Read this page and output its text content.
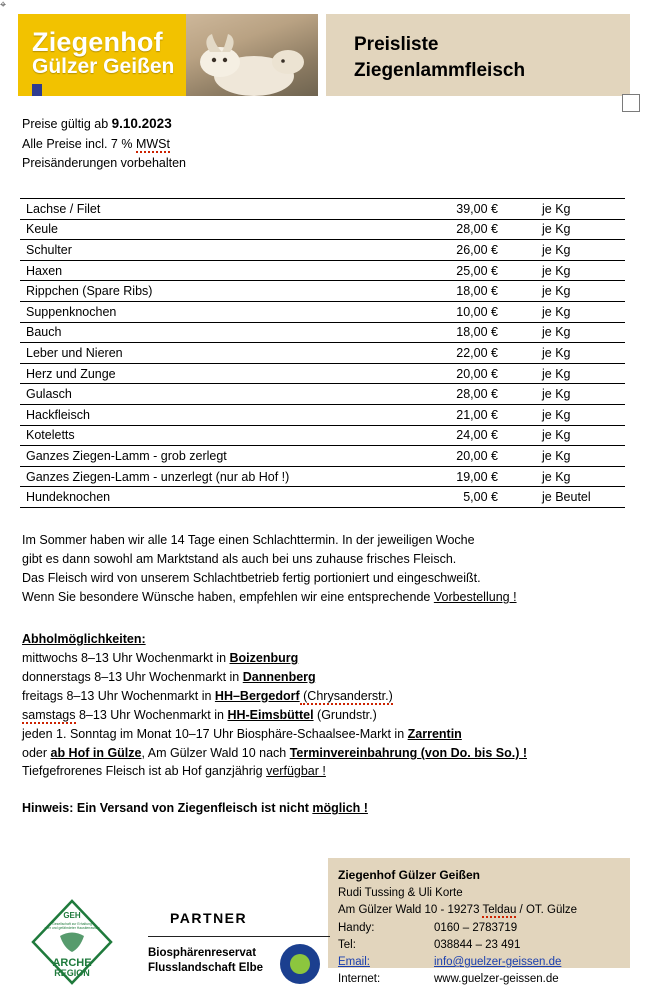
⌖
Ziegenhof
Gülzer Geißen
Preisliste
Ziegenlammfleisch
Preise gültig ab 9.10.2023
Alle Preise incl. 7 % MWSt
Preisänderungen vorbehalten
Lachse / Filet	39,00 €	je Kg
Keule	28,00 €	je Kg
Schulter	26,00 €	je Kg
Haxen	25,00 €	je Kg
Rippchen (Spare Ribs)	18,00 €	je Kg
Suppenknochen	10,00 €	je Kg
Bauch	18,00 €	je Kg
Leber und Nieren	22,00 €	je Kg
Herz und Zunge	20,00 €	je Kg
Gulasch	28,00 €	je Kg
Hackfleisch	21,00 €	je Kg
Koteletts	24,00 €	je Kg
Ganzes Ziegen-Lamm - grob zerlegt	20,00 €	je Kg
Ganzes Ziegen-Lamm - unzerlegt (nur ab Hof !)	19,00 €	je Kg
Hundeknochen	5,00 €	je Beutel
Im Sommer haben wir alle 14 Tage einen Schlachttermin. In der jeweiligen Woche
gibt es dann sowohl am Marktstand als auch bei uns zuhause frisches Fleisch.
Das Fleisch wird von unserem Schlachtbetrieb fertig portioniert und eingeschweißt.
Wenn Sie besondere Wünsche haben, empfehlen wir eine entsprechende Vorbestellung !
Abholmöglichkeiten:
mittwochs 8–13 Uhr Wochenmarkt in Boizenburg
donnerstags 8–13 Uhr Wochenmarkt in Dannenberg
freitags 8–13 Uhr Wochenmarkt in HH–Bergedorf (Chrysanderstr.)
samstags 8–13 Uhr Wochenmarkt in HH-Eimsbüttel (Grundstr.)
jeden 1. Sonntag im Monat 10–17 Uhr Biosphäre-Schaalsee-Markt in Zarrentin
oder ab Hof in Gülze, Am Gülzer Wald 10 nach Terminvereinbahrung (von Do. bis So.) !
Tiefgefrorenes Fleisch ist ab Hof ganzjährig verfügbar !
Hinweis: Ein Versand von Ziegenfleisch ist nicht möglich !
Ziegenhof Gülzer Geißen
Rudi Tussing & Uli Korte
Am Gülzer Wald 10 - 19273 Teldau / OT. Gülze
Handy:	0160 – 2783719
Tel:	038844 – 23 491
Email:	info@guelzer-geissen.de
Internet:	www.guelzer-geissen.de
GEH
Gesellschaft zur Erhaltung
alter und gefährdeter Haustierrassen
ARCHE
REGION
PARTNER
Biosphärenreservat
Flusslandschaft Elbe
